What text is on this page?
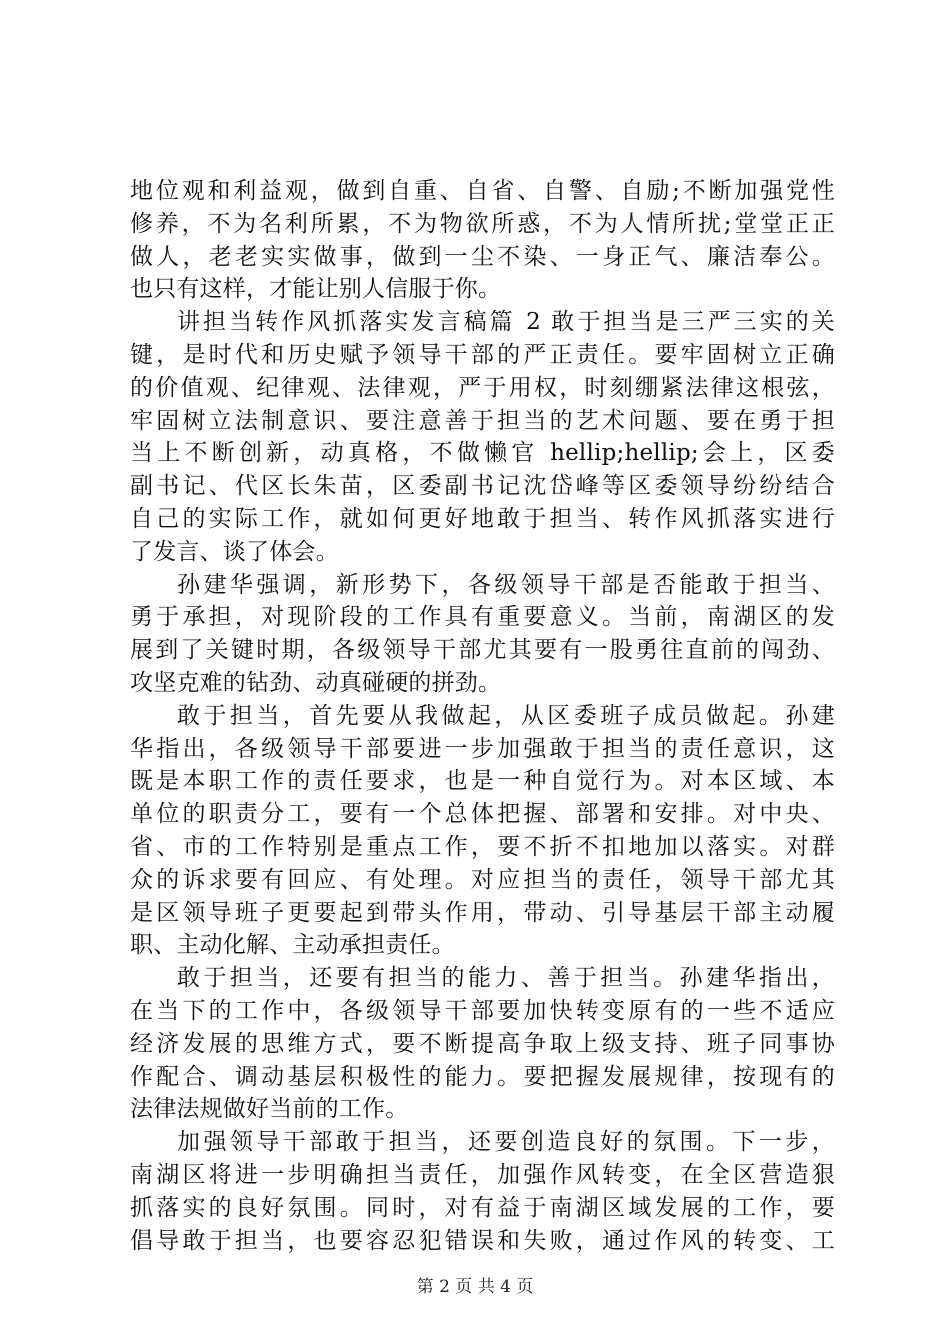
地位观和利益观，做到自重、自省、自警、自励;不断加强党性
修养，不为名利所累，不为物欲所惑，不为人情所扰;堂堂正正
做人，老老实实做事，做到一尘不染、一身正气、廉洁奉公。
也只有这样，才能让别人信服于你。
讲担当转作风抓落实发言稿篇 2 敢于担当是三严三实的关
键，是时代和历史赋予领导干部的严正责任。要牢固树立正确
的价值观、纪律观、法律观，严于用权，时刻绷紧法律这根弦，
牢固树立法制意识、要注意善于担当的艺术问题、要在勇于担
当上不断创新，动真格，不做懒官 hellip;hellip;会上，区委
副书记、代区长朱苗，区委副书记沈岱峰等区委领导纷纷结合
自己的实际工作，就如何更好地敢于担当、转作风抓落实进行
了发言、谈了体会。
孙建华强调，新形势下，各级领导干部是否能敢于担当、
勇于承担，对现阶段的工作具有重要意义。当前，南湖区的发
展到了关键时期，各级领导干部尤其要有一股勇往直前的闯劲、
攻坚克难的钻劲、动真碰硬的拼劲。
敢于担当，首先要从我做起，从区委班子成员做起。孙建
华指出，各级领导干部要进一步加强敢于担当的责任意识，这
既是本职工作的责任要求，也是一种自觉行为。对本区域、本
单位的职责分工，要有一个总体把握、部署和安排。对中央、
省、市的工作特别是重点工作，要不折不扣地加以落实。对群
众的诉求要有回应、有处理。对应担当的责任，领导干部尤其
是区领导班子更要起到带头作用，带动、引导基层干部主动履
职、主动化解、主动承担责任。
敢于担当，还要有担当的能力、善于担当。孙建华指出，
在当下的工作中，各级领导干部要加快转变原有的一些不适应
经济发展的思维方式，要不断提高争取上级支持、班子同事协
作配合、调动基层积极性的能力。要把握发展规律，按现有的
法律法规做好当前的工作。
加强领导干部敢于担当，还要创造良好的氛围。下一步，
南湖区将进一步明确担当责任，加强作风转变，在全区营造狠
抓落实的良好氛围。同时，对有益于南湖区域发展的工作，要
倡导敢于担当，也要容忍犯错误和失败，通过作风的转变、工
第 2 页 共 4 页
